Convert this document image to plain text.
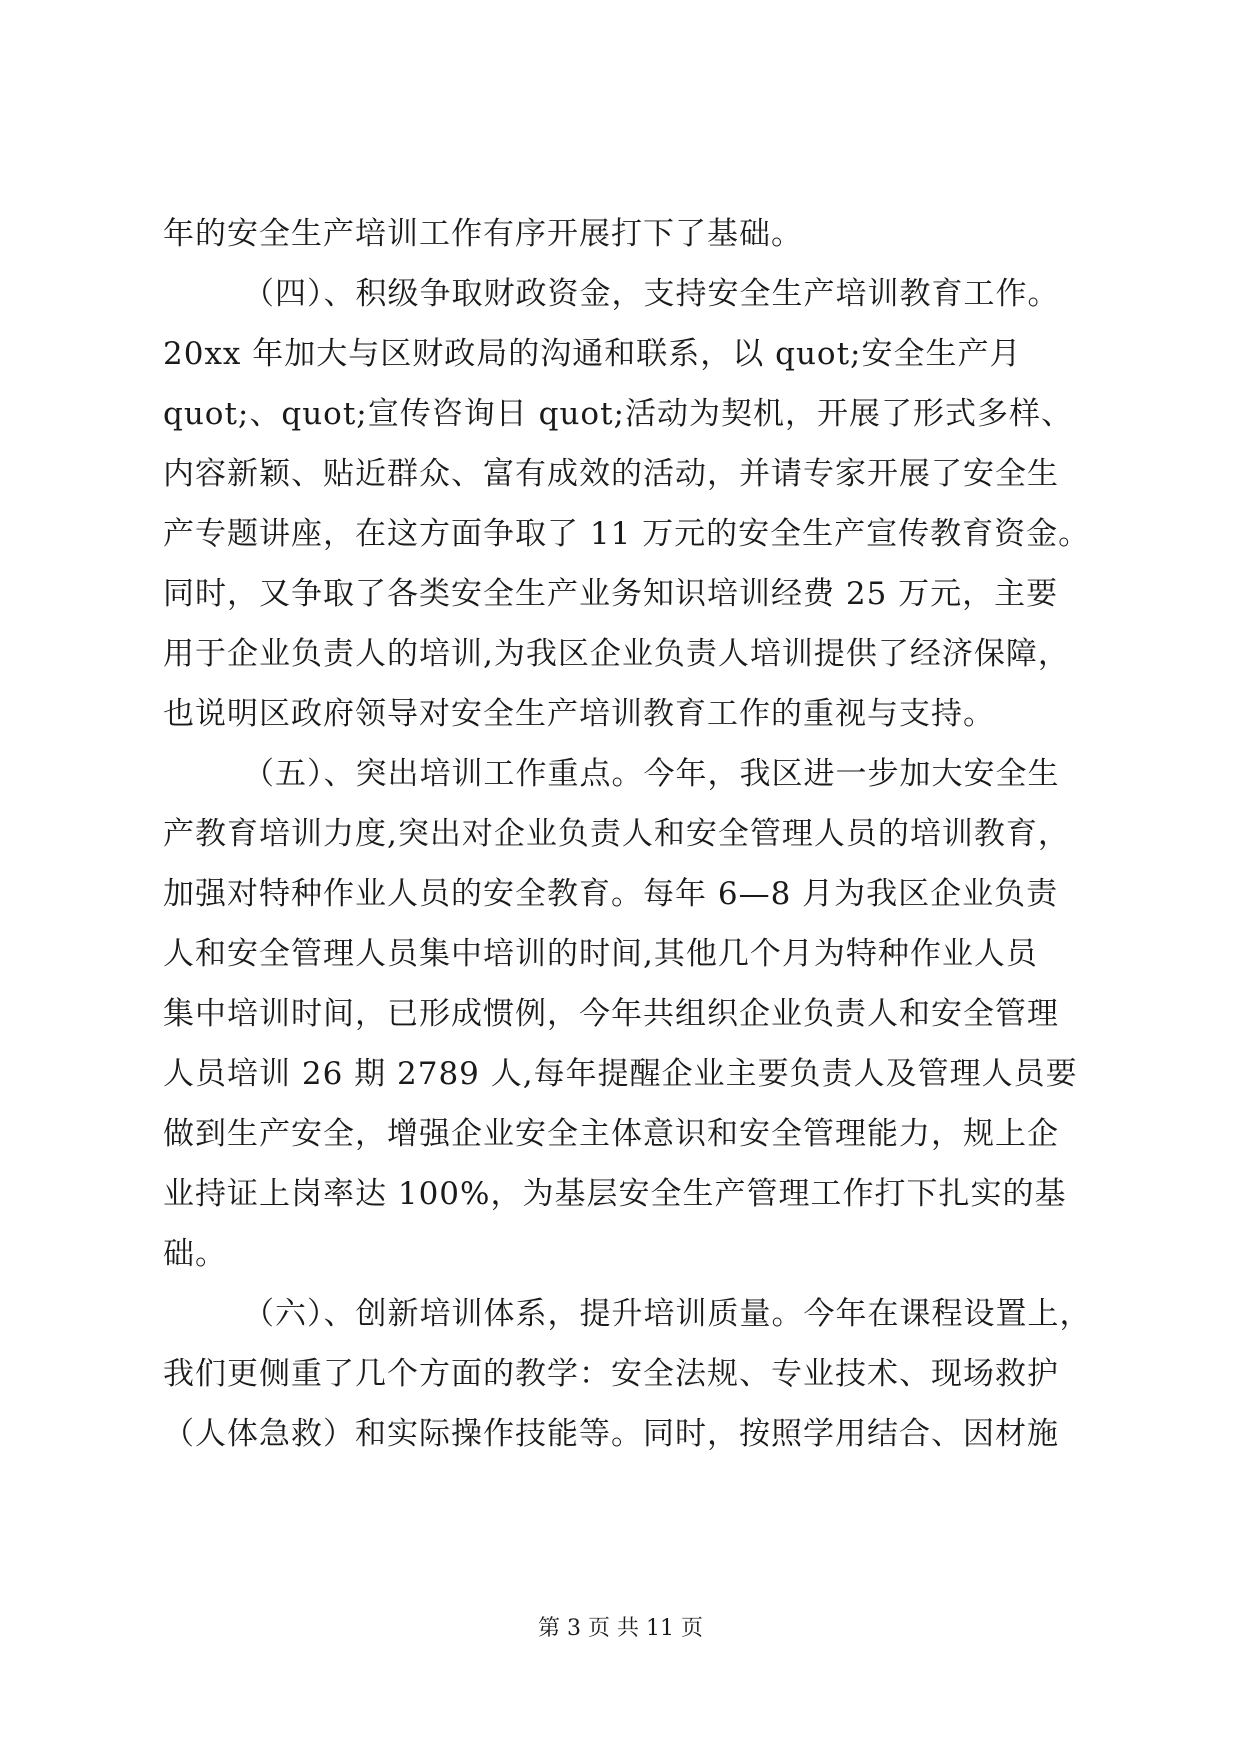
年的安全生产培训工作有序开展打下了基础。
（四）、积级争取财政资金，支持安全生产培训教育工作。
20xx 年加大与区财政局的沟通和联系，以 quot;安全生产月
quot;、quot;宣传咨询日 quot;活动为契机，开展了形式多样、
内容新颖、贴近群众、富有成效的活动，并请专家开展了安全生
产专题讲座，在这方面争取了 11 万元的安全生产宣传教育资金。
同时，又争取了各类安全生产业务知识培训经费 25 万元，主要
用于企业负责人的培训,为我区企业负责人培训提供了经济保障，
也说明区政府领导对安全生产培训教育工作的重视与支持。
（五）、突出培训工作重点。今年，我区进一步加大安全生
产教育培训力度,突出对企业负责人和安全管理人员的培训教育，
加强对特种作业人员的安全教育。每年 6—8 月为我区企业负责
人和安全管理人员集中培训的时间,其他几个月为特种作业人员
集中培训时间，已形成惯例，今年共组织企业负责人和安全管理
人员培训 26 期 2789 人,每年提醒企业主要负责人及管理人员要
做到生产安全，增强企业安全主体意识和安全管理能力，规上企
业持证上岗率达 100%，为基层安全生产管理工作打下扎实的基
础。
（六）、创新培训体系，提升培训质量。今年在课程设置上，
我们更侧重了几个方面的教学：安全法规、专业技术、现场救护
（人体急救）和实际操作技能等。同时，按照学用结合、因材施
第 3 页 共 11 页
